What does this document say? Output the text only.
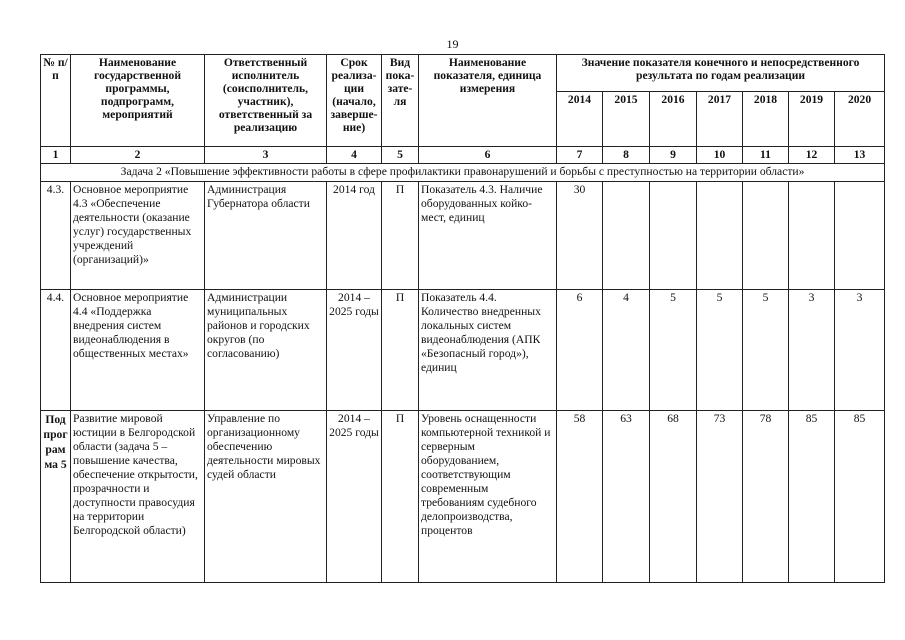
19
№ п/п	Наименование государственной программы, подпрограмм, мероприятий	Ответственный исполнитель (соисполнитель, участник), ответственный за реализацию	Срок реализа-ции (начало, заверше-ние)	Вид пока-зате-ля	Наименование показателя, единица измерения	Значение показателя конечного и непосредственного результата по годам реализации						
						2014	2015	2016	2017	2018	2019	2020
1	2	3	4	5	6	7	8	9	10	11	12	13
Задача 2 «Повышение эффективности работы в сфере профилактики правонарушений и борьбы с преступностью на территории области»												
4.3.	Основное мероприятие 4.3 «Обеспечение деятельности (оказание услуг) государственных учреждений (организаций)»	Администрация Губернатора области	2014 год	П	Показатель 4.3. Наличие оборудованных койко-мест, единиц	30						
4.4.	Основное мероприятие 4.4 «Поддержка внедрения систем видеонаблюдения в общественных местах»	Администрации муниципальных районов и городских округов (по согласованию)	2014 – 2025 годы	П	Показатель 4.4. Количество внедренных локальных систем видеонаблюдения (АПК «Безопасный город»), единиц	6	4	5	5	5	3	3
Под прог рам ма 5	Развитие мировой юстиции в Белгородской области (задача 5 – повышение качества, обеспечение открытости, прозрачности и доступности правосудия на территории Белгородской области)	Управление по организационному обеспечению деятельности мировых судей области	2014 – 2025 годы	П	Уровень оснащенности компьютерной техникой и серверным оборудованием, соответствующим современным требованиям судебного делопроизводства, процентов	58	63	68	73	78	85	85
